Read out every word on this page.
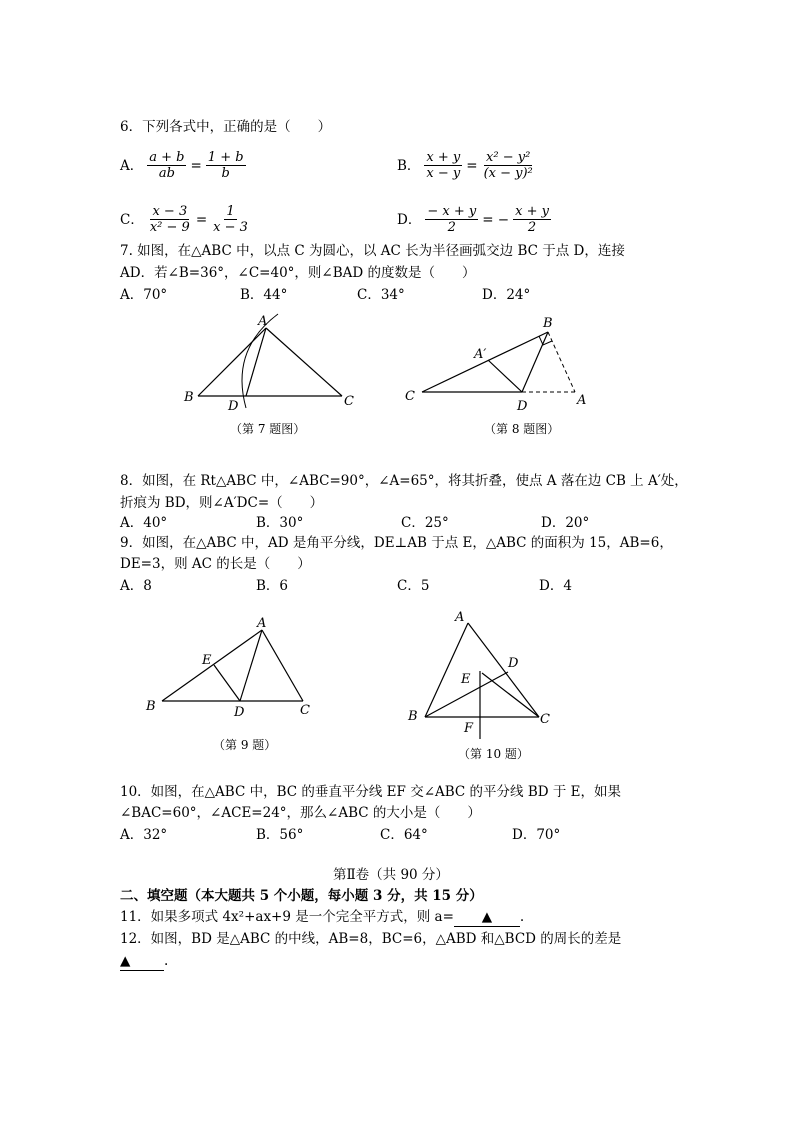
6．下列各式中，正确的是（　　）
A． $\frac{a + b}{ab} = \frac{1 + b}{b}$	B． $\frac{x + y}{x - y} = \frac{\text{x² − y²}}{\text{(x − y)²}}$
C． $\frac{x - 3}{\text{x² − 9}} = \frac{1}{x - 3}$	D． $\frac{- x + y}{2}$ = − $\frac{x + y}{2}$
7. 如图，在△ABC 中，以点 C 为圆心，以 AC 长为半径画弧交边 BC 于点 D，连接
AD．若∠B=36°，∠C=40°，则∠BAD 的度数是（　　）
A．70°	B．44°	C．34°	D．24°
A
B	C
D
（第 7 题图）
B
A′
C
D	A
（第 8 题图）
8．如图，在 Rt△ABC 中，∠ABC=90°，∠A=65°，将其折叠，使点 A 落在边 CB 上 A′处，
折痕为 BD，则∠A′DC=（　　）
A．40°	B．30°	C．25°	D．20°
9．如图，在△ABC 中，AD 是角平分线，DE⊥AB 于点 E，△ABC 的面积为 15，AB=6，
DE=3，则 AC 的长是（　　）
A．8	B．6	C．5	D．4
A
B	C
D
E
（第 9 题）
A
B	C
D
E
F
（第 10 题）
10．如图，在△ABC 中，BC 的垂直平分线 EF 交∠ABC 的平分线 BD 于 E，如果
∠BAC=60°，∠ACE=24°，那么∠ABC 的大小是（　　）
A．32°	B．56°	C．64°	D．70°
第Ⅱ卷（共 90 分）
二、填空题（本大题共 5 个小题，每小题 3 分，共 15 分）
11．如果多项式 4x²+ax+9 是一个完全平方式，则 a= ▲ .
12．如图，BD 是△ABC 的中线，AB=8，BC=6，△ABD 和△BCD 的周长的差是
▲ .
